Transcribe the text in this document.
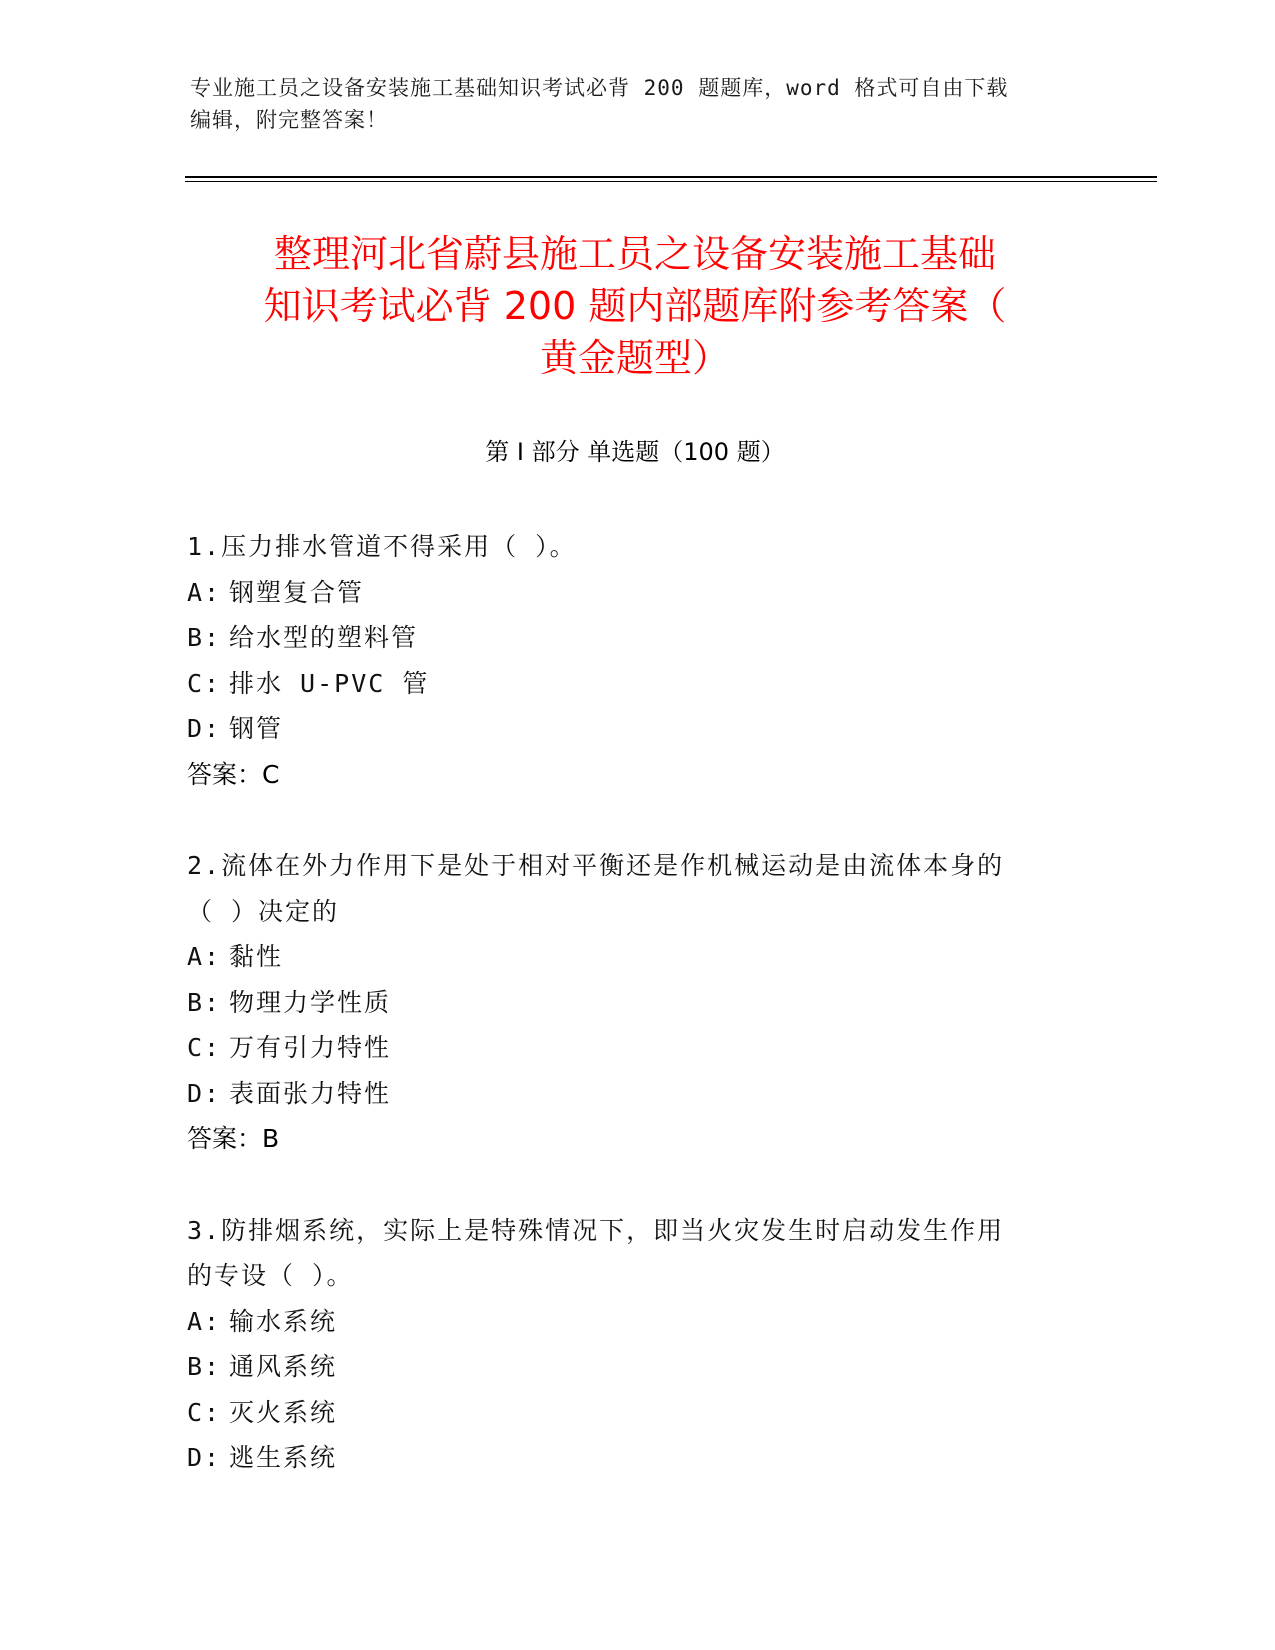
专业施工员之设备安装施工基础知识考试必背 200 题题库，word 格式可自由下载
编辑，附完整答案！
整理河北省蔚县施工员之设备安装施工基础
知识考试必背 200 题内部题库附参考答案（
黄金题型）
第 I 部分 单选题（100 题）
1.压力排水管道不得采用（ ）。
A: 钢塑复合管
B: 给水型的塑料管
C: 排水 U-PVC 管
D: 钢管
答案：C
2.流体在外力作用下是处于相对平衡还是作机械运动是由流体本身的
（ ）决定的
A: 黏性
B: 物理力学性质
C: 万有引力特性
D: 表面张力特性
答案：B
3.防排烟系统，实际上是特殊情况下，即当火灾发生时启动发生作用
的专设（ ）。
A: 输水系统
B: 通风系统
C: 灭火系统
D: 逃生系统
